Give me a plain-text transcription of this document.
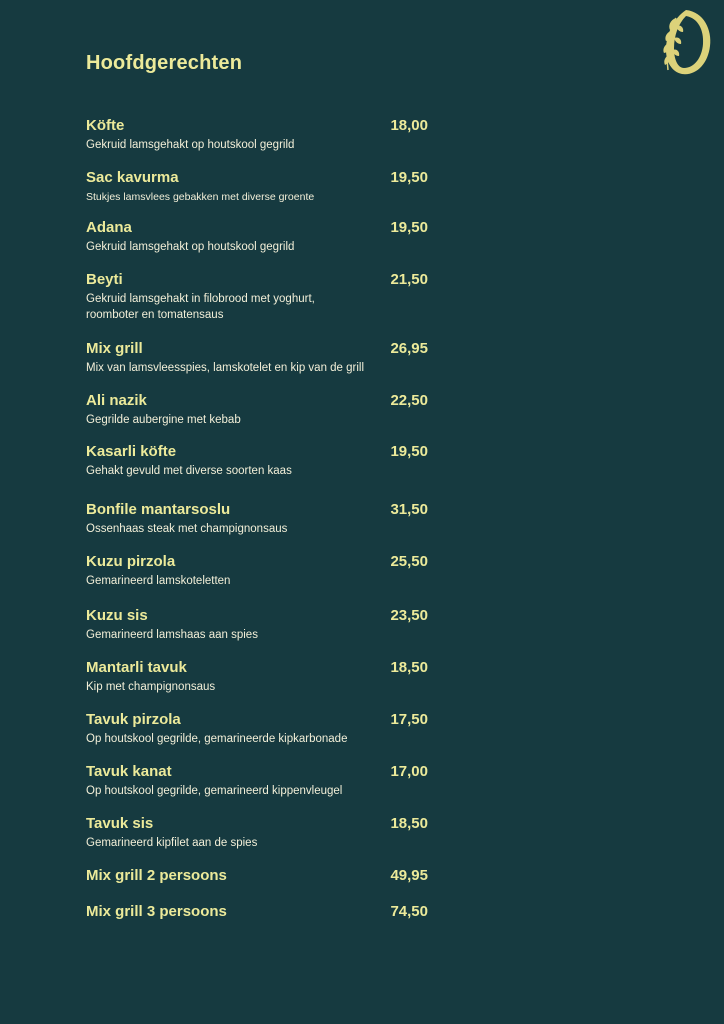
Hoofdgerechten
Köfte	18,00
Gekruid lamsgehakt op houtskool gegrild
Sac kavurma	19,50
Stukjes lamsvlees gebakken met diverse groente
Adana	19,50
Gekruid lamsgehakt op houtskool gegrild
Beyti	21,50
Gekruid lamsgehakt in filobrood met yoghurt,
roomboter en tomatensaus
Mix grill	26,95
Mix van lamsvleesspies, lamskotelet en kip van de grill
Ali nazik	22,50
Gegrilde aubergine met kebab
Kasarli köfte	19,50
Gehakt gevuld met diverse soorten kaas
Bonfile mantarsoslu	31,50
Ossenhaas steak met champignonsaus
Kuzu pirzola	25,50
Gemarineerd lamskoteletten
Kuzu sis	23,50
Gemarineerd lamshaas aan spies
Mantarli tavuk	18,50
Kip met champignonsaus
Tavuk pirzola	17,50
Op houtskool gegrilde, gemarineerde kipkarbonade
Tavuk kanat	17,00
Op houtskool gegrilde, gemarineerd kippenvleugel
Tavuk sis	18,50
Gemarineerd kipfilet aan de spies
Mix grill 2 persoons	49,95
Mix grill 3 persoons	74,50
